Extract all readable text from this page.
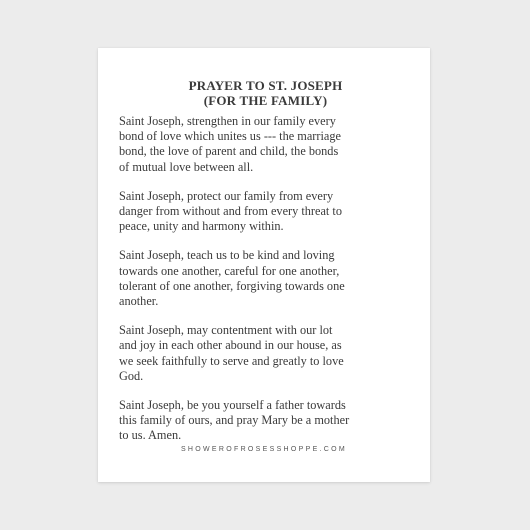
PRAYER TO ST. JOSEPH
(FOR THE FAMILY)

Saint Joseph, strengthen in our family every
bond of love which unites us --- the marriage
bond, the love of parent and child, the bonds
of mutual love between all.

Saint Joseph, protect our family from every
danger from without and from every threat to
peace, unity and harmony within.

Saint Joseph, teach us to be kind and loving
towards one another, careful for one another,
tolerant of one another, forgiving towards one
another.

Saint Joseph, may contentment with our lot
and joy in each other abound in our house, as
we seek faithfully to serve and greatly to love
God.

Saint Joseph, be you yourself a father towards
this family of ours, and pray Mary be a mother
to us. Amen.

SHOWEROFROSESSHOPPE.COM
